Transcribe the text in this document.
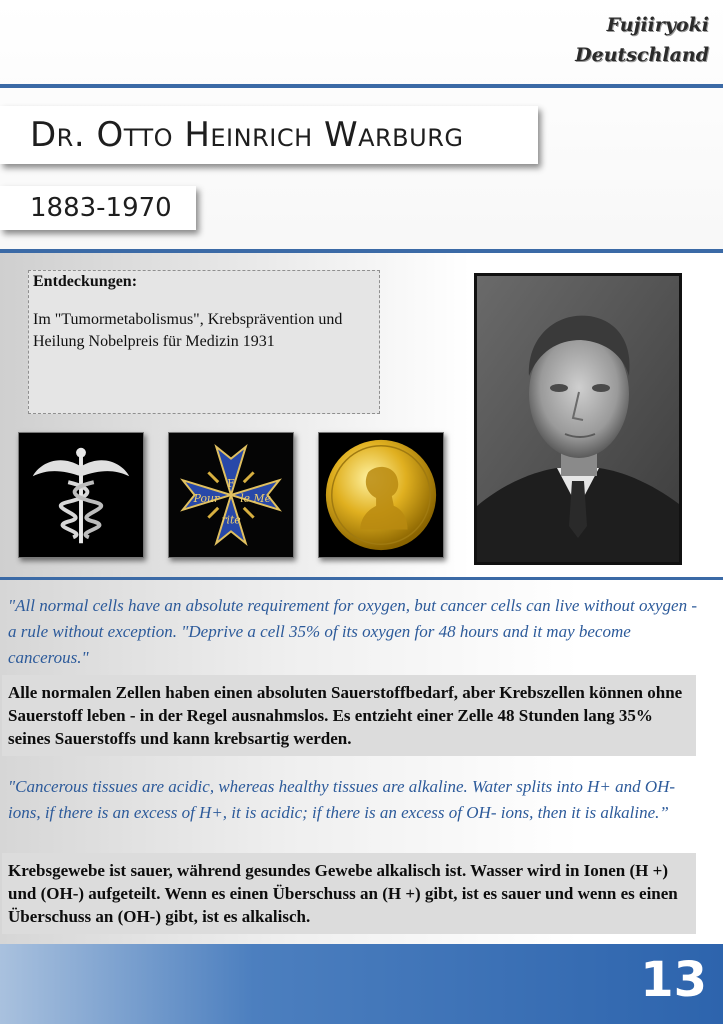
Fujiiryoki
Deutschland
Dr. Otto Heinrich Warburg
1883-1970
Entdeckungen:
Im "Tumormetabolismus", Krebsprävention und Heilung Nobelpreis für Medizin 1931
F
Pour le Me
rite
"All normal cells have an absolute requirement for oxygen, but cancer cells can live without oxygen - a rule without exception. "Deprive a cell 35% of its oxygen for 48 hours and it may become cancerous."
Alle normalen Zellen haben einen absoluten Sauerstoffbedarf, aber Krebszellen können ohne Sauerstoff leben - in der Regel ausnahmslos. Es entzieht einer Zelle 48 Stunden lang 35% seines Sauerstoffs und kann krebsartig werden.
"Cancerous tissues are acidic, whereas healthy tissues are alkaline. Water splits into H+ and OH- ions, if there is an excess of H+, it is acidic; if there is an excess of OH- ions, then it is alkaline.”
Krebsgewebe ist sauer, während gesundes Gewebe alkalisch ist. Wasser wird in Ionen (H +) und (OH-) aufgeteilt. Wenn es einen Überschuss an (H +) gibt, ist es sauer und wenn es einen Überschuss an (OH-) gibt, ist es alkalisch.
13
